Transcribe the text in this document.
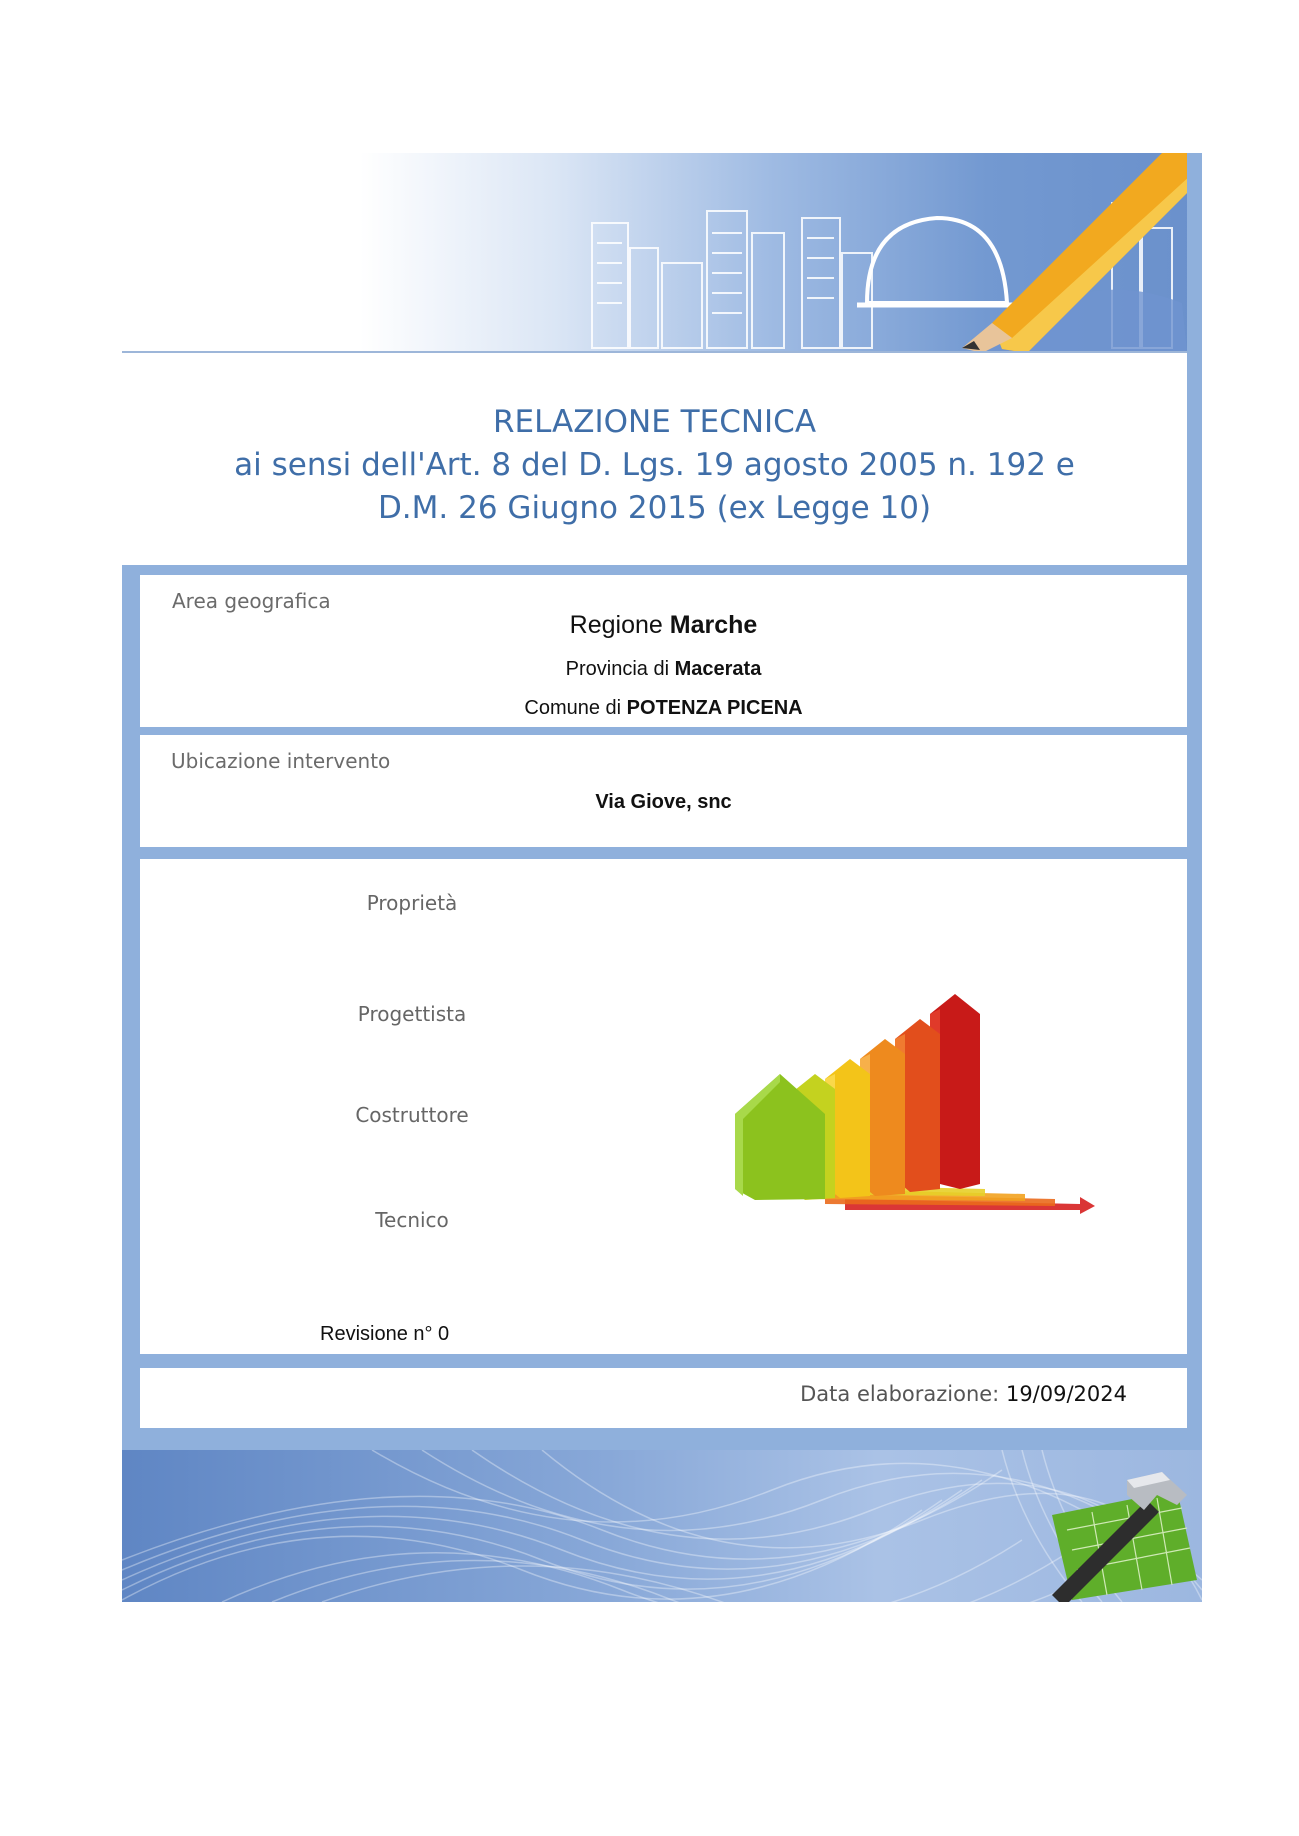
RELAZIONE TECNICA

ai sensi dell'Art. 8 del D. Lgs. 19 agosto 2005 n. 192 e

D.M. 26 Giugno 2015 (ex Legge 10)

Area geografica
Regione Marche
Provincia di Macerata
Comune di POTENZA PICENA
Ubicazione intervento
Via Giove, snc
Proprietà
Progettista
Costruttore
Tecnico
Revisione n° 0
Data elaborazione: 19/09/2024
